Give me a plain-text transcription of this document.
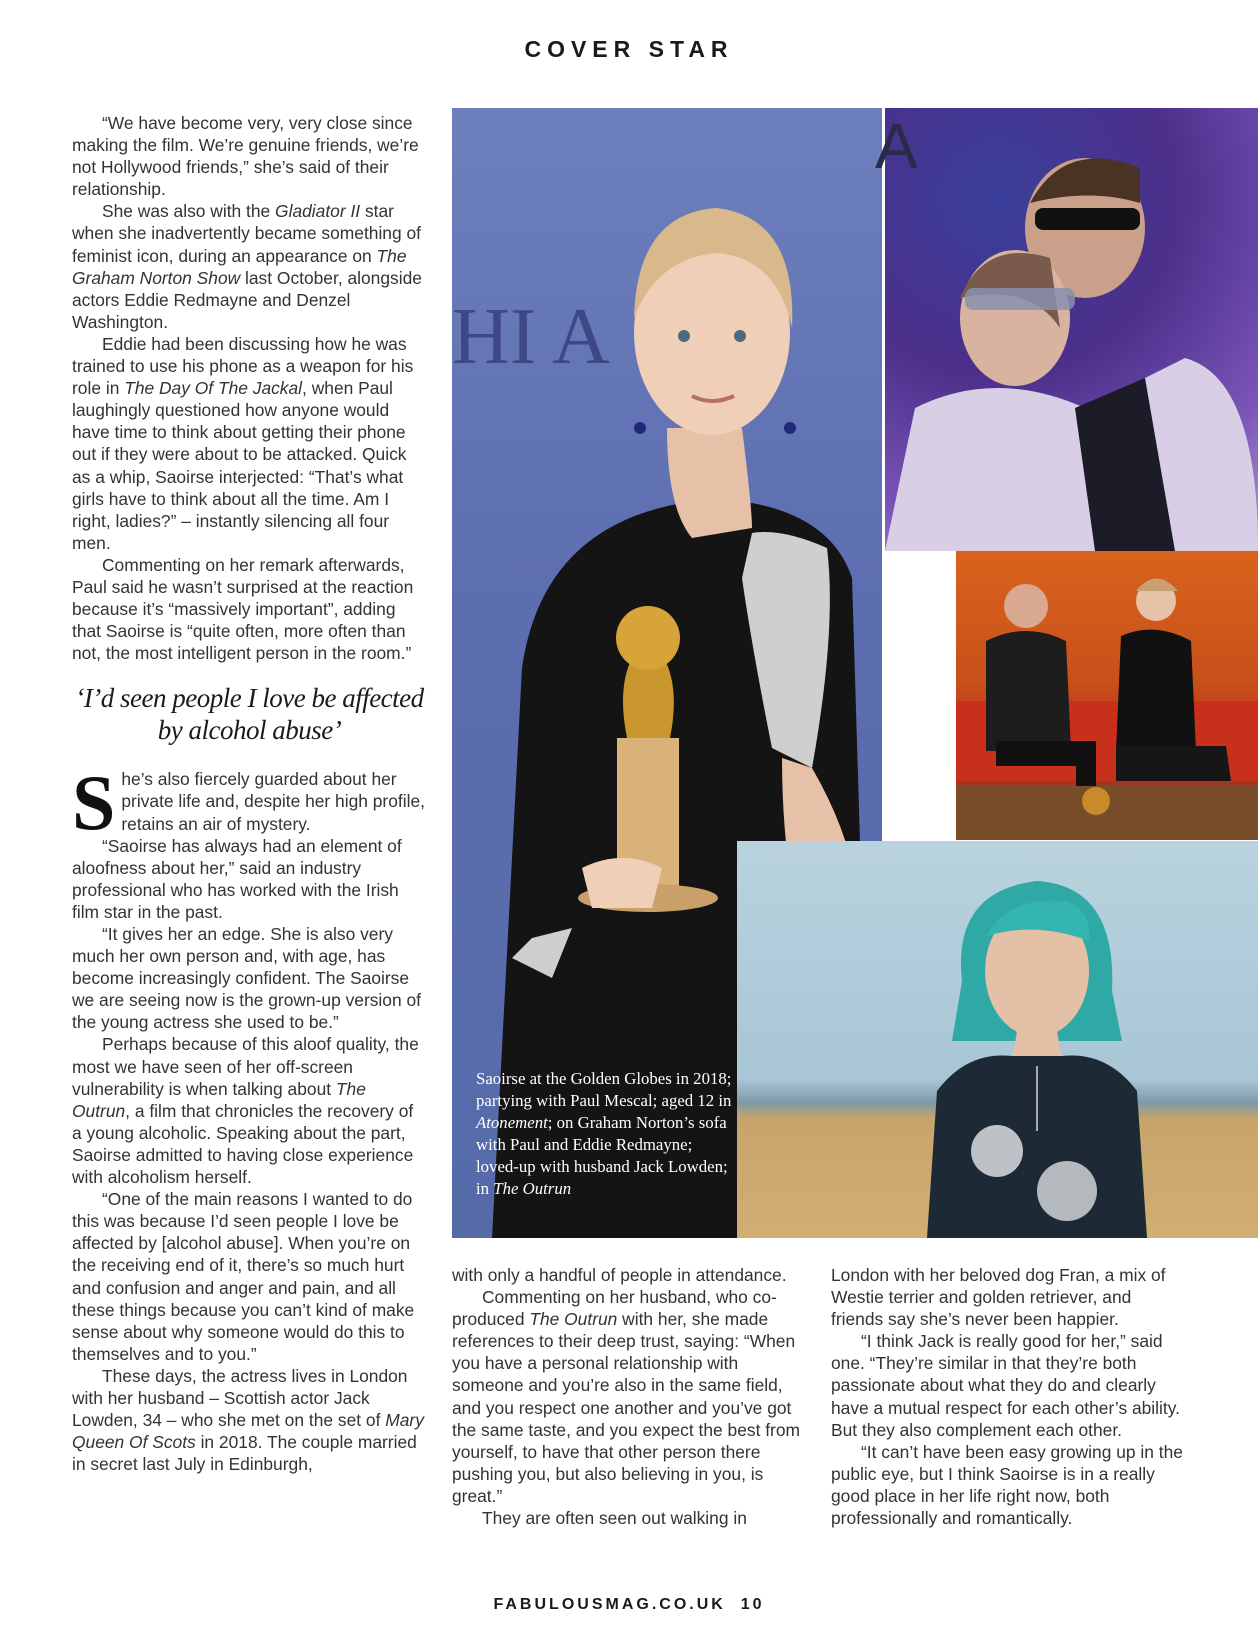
COVER STAR

“We have become very, very close since making the film. We’re genuine friends, we’re not Hollywood friends,” she’s said of their relationship.

She was also with the Gladiator II star when she inadvertently became something of feminist icon, during an appearance on The Graham Norton Show last October, alongside actors Eddie Redmayne and Denzel Washington.

Eddie had been discussing how he was trained to use his phone as a weapon for his role in The Day Of The Jackal, when Paul laughingly questioned how anyone would have time to think about getting their phone out if they were about to be attacked. Quick as a whip, Saoirse interjected: “That’s what girls have to think about all the time. Am I right, ladies?” – instantly silencing all four men.

Commenting on her remark afterwards, Paul said he wasn’t surprised at the reaction because it’s “massively important”, adding that Saoirse is “quite often, more often than not, the most intelligent person in the room.”

‘I’d seen people I love be affected by alcohol abuse’

She’s also fiercely guarded about her private life and, despite her high profile, retains an air of mystery.

“Saoirse has always had an element of aloofness about her,” said an industry professional who has worked with the Irish film star in the past.

“It gives her an edge. She is also very much her own person and, with age, has become increasingly confident. The Saoirse we are seeing now is the grown-up version of the young actress she used to be.”

Perhaps because of this aloof quality, the most we have seen of her off-screen vulnerability is when talking about The Outrun, a film that chronicles the recovery of a young alcoholic. Speaking about the part, Saoirse admitted to having close experience with alcoholism herself.

“One of the main reasons I wanted to do this was because I’d seen people I love be affected by [alcohol abuse]. When you’re on the receiving end of it, there’s so much hurt and confusion and anger and pain, and all these things because you can’t kind of make sense about why someone would do this to themselves and to you.”

These days, the actress lives in London with her husband – Scottish actor Jack Lowden, 34 – who she met on the set of Mary Queen Of Scots in 2018. The couple married in secret last July in Edinburgh,

HI A
Saoirse at the Golden Globes in 2018; partying with Paul Mescal; aged 12 in Atonement; on Graham Norton’s sofa with Paul and Eddie Redmayne; loved-up with husband Jack Lowden; in The Outrun
A

with only a handful of people in attendance.

Commenting on her husband, who co-produced The Outrun with her, she made references to their deep trust, saying: “When you have a personal relationship with someone and you’re also in the same field, and you respect one another and you’ve got the same taste, and you expect the best from yourself, to have that other person there pushing you, but also believing in you, is great.”

They are often seen out walking in

London with her beloved dog Fran, a mix of Westie terrier and golden retriever, and friends say she’s never been happier.

“I think Jack is really good for her,” said one. “They’re similar in that they’re both passionate about what they do and clearly have a mutual respect for each other’s ability. But they also complement each other.

“It can’t have been easy growing up in the public eye, but I think Saoirse is in a really good place in her life right now, both professionally and romantically.

FABULOUSMAG.CO.UK 10
